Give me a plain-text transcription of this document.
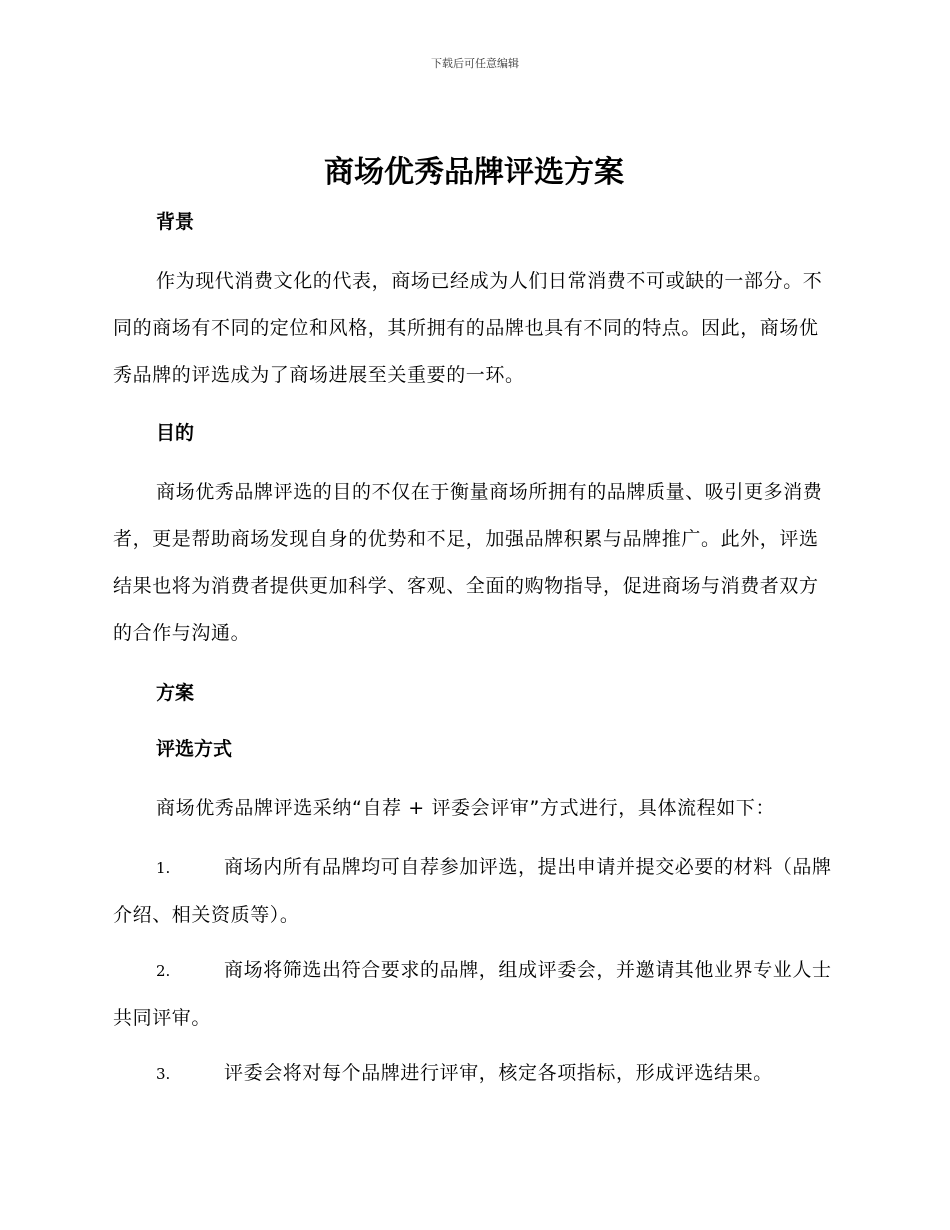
下载后可任意编辑
商场优秀品牌评选方案
背景

作为现代消费文化的代表，商场已经成为人们日常消费不可或缺的一部分。不同的商场有不同的定位和风格，其所拥有的品牌也具有不同的特点。因此，商场优秀品牌的评选成为了商场进展至关重要的一环。

目的

商场优秀品牌评选的目的不仅在于衡量商场所拥有的品牌质量、吸引更多消费者，更是帮助商场发现自身的优势和不足，加强品牌积累与品牌推广。此外，评选结果也将为消费者提供更加科学、客观、全面的购物指导，促进商场与消费者双方的合作与沟通。

方案
评选方式

商场优秀品牌评选采纳“自荐 + 评委会评审”方式进行，具体流程如下：

1.	商场内所有品牌均可自荐参加评选，提出申请并提交必要的材料（品牌介绍、相关资质等）。

2.	商场将筛选出符合要求的品牌，组成评委会，并邀请其他业界专业人士共同评审。

3.	评委会将对每个品牌进行评审，核定各项指标，形成评选结果。
